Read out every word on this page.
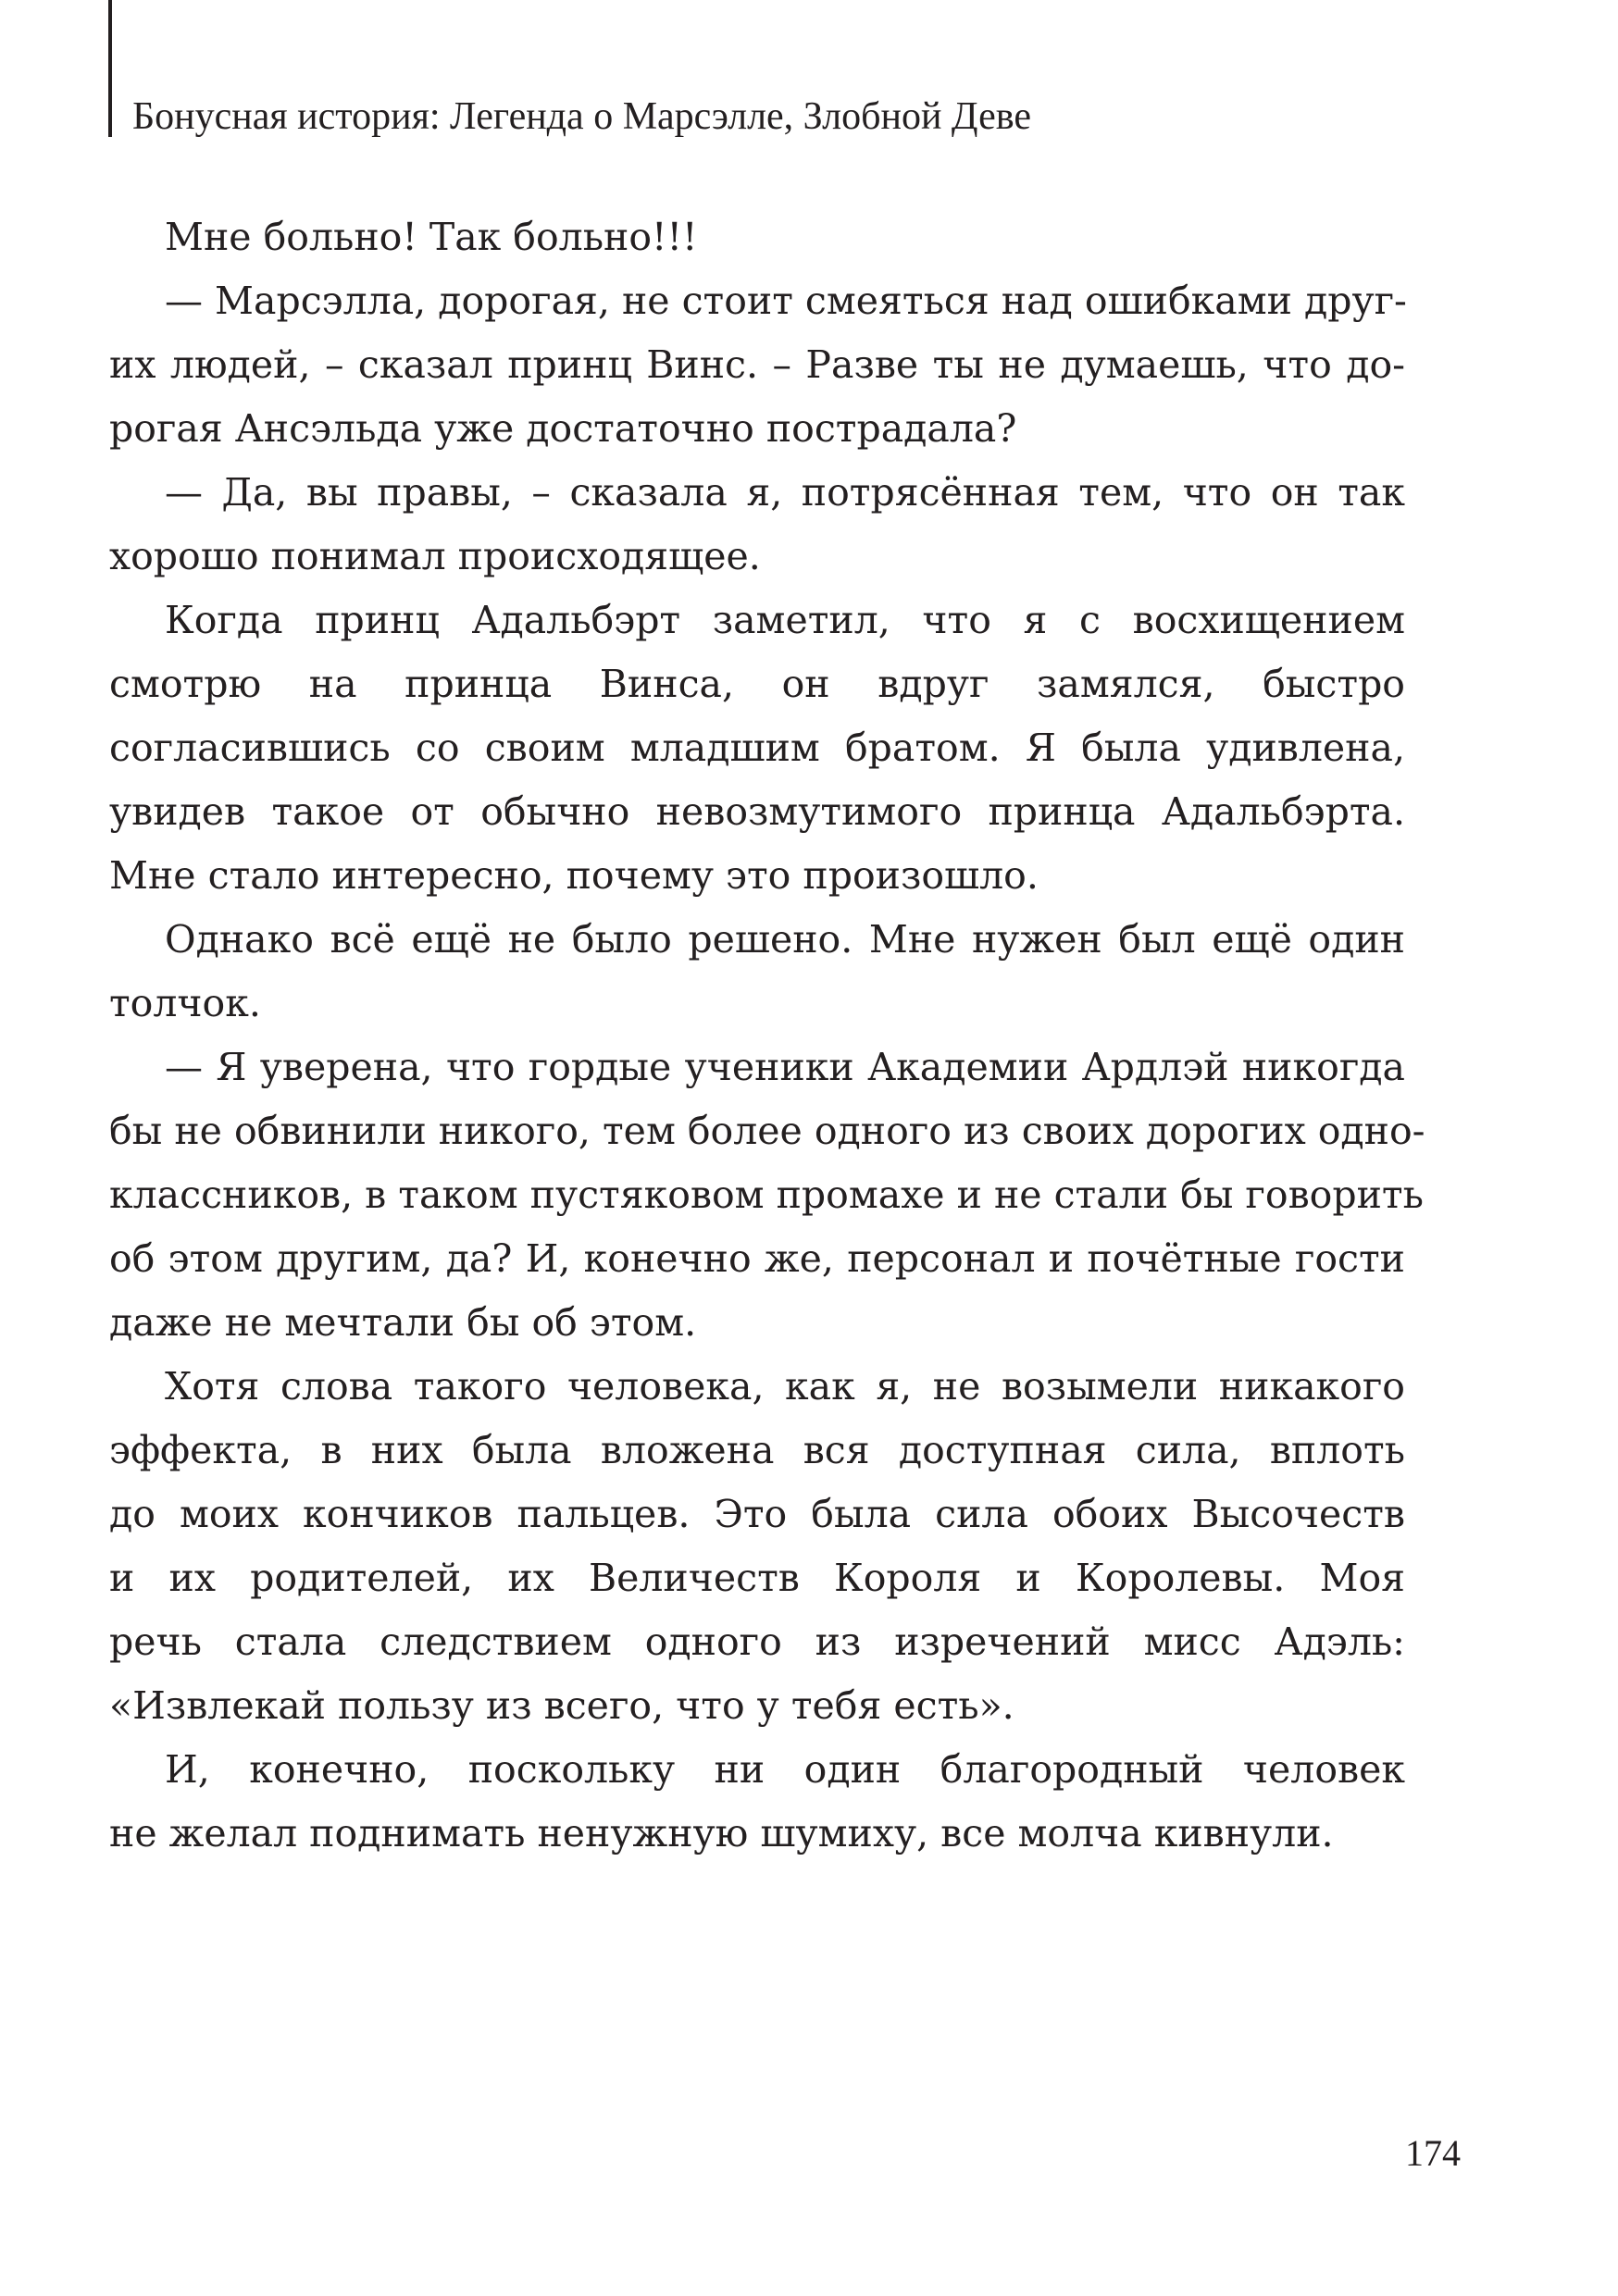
Бонусная история: Легенда о Марсэлле, Злобной Деве
Мне больно! Так больно!!!
— Марсэлла, дорогая, не стоит смеяться над ошибками друг-
их людей, – сказал принц Винс. – Разве ты не думаешь, что до-
рогая Ансэльда уже достаточно пострадала?
— Да, вы правы, – сказала я, потрясённая тем, что он так
хорошо понимал происходящее.
Когда принц Адальбэрт заметил, что я с восхищением
смотрю на принца Винса, он вдруг замялся, быстро
согласившись со своим младшим братом. Я была удивлена,
увидев такое от обычно невозмутимого принца Адальбэрта.
Мне стало интересно, почему это произошло.
Однако всё ещё не было решено. Мне нужен был ещё один
толчок.
— Я уверена, что гордые ученики Академии Ардлэй никогда
бы не обвинили никого, тем более одного из своих дорогих одно-
классников, в таком пустяковом промахе и не стали бы говорить
об этом другим, да? И, конечно же, персонал и почётные гости
даже не мечтали бы об этом.
Хотя слова такого человека, как я, не возымели никакого
эффекта, в них была вложена вся доступная сила, вплоть
до моих кончиков пальцев. Это была сила обоих Высочеств
и их родителей, их Величеств Короля и Королевы. Моя
речь стала следствием одного из изречений мисс Адэль:
«Извлекай пользу из всего, что у тебя есть».
И, конечно, поскольку ни один благородный человек
не желал поднимать ненужную шумиху, все молча кивнули.
174
